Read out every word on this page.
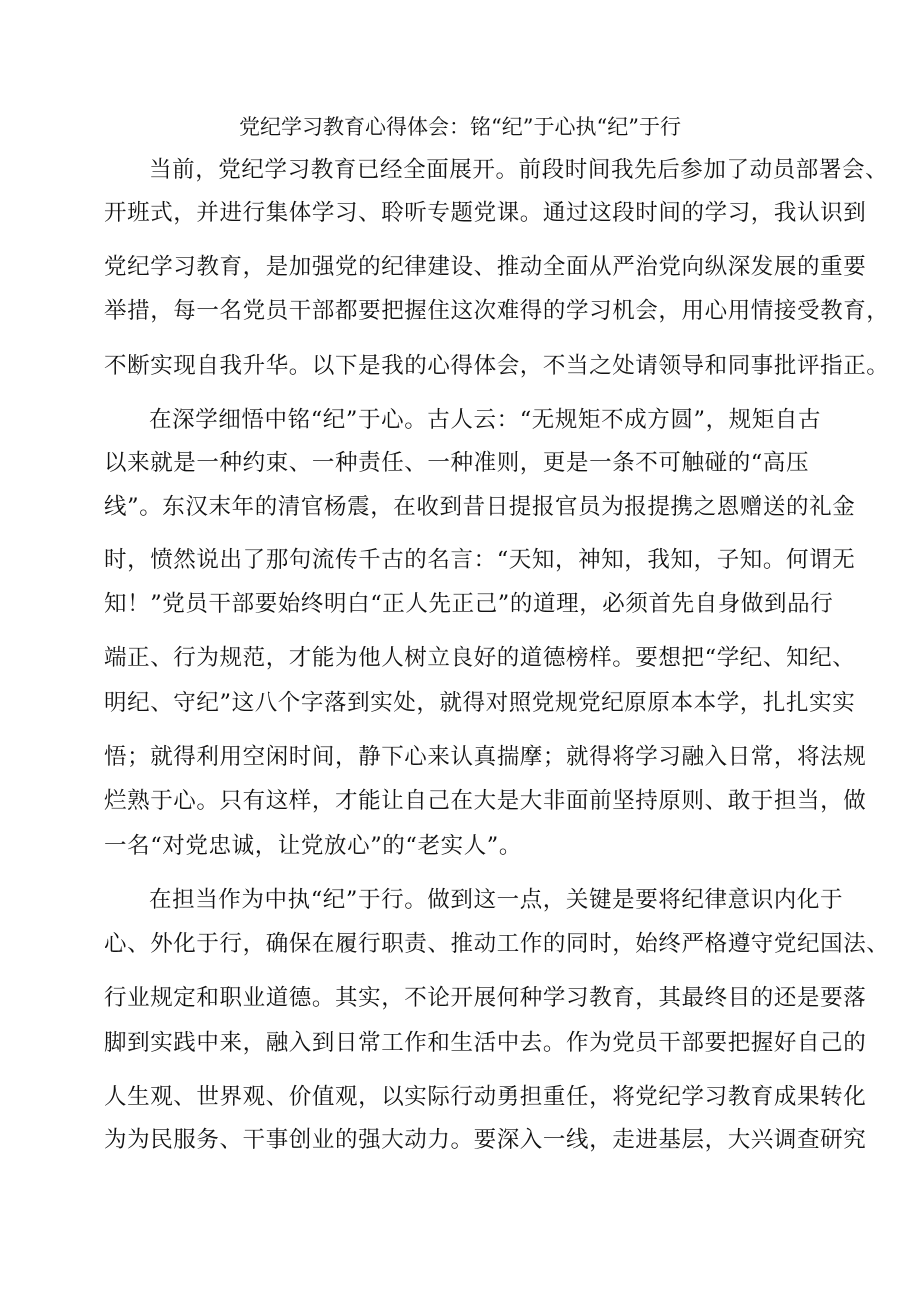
党纪学习教育心得体会：铭“纪”于心执“纪”于行
当前，党纪学习教育已经全面展开。前段时间我先后参加了动员部署会、
开班式，并进行集体学习、聆听专题党课。通过这段时间的学习，我认识到
党纪学习教育，是加强党的纪律建设、推动全面从严治党向纵深发展的重要
举措，每一名党员干部都要把握住这次难得的学习机会，用心用情接受教育，
不断实现自我升华。以下是我的心得体会，不当之处请领导和同事批评指正。
在深学细悟中铭“纪”于心。古人云：“无规矩不成方圆”，规矩自古
以来就是一种约束、一种责任、一种准则，更是一条不可触碰的“高压
线”。东汉末年的清官杨震，在收到昔日提报官员为报提携之恩赠送的礼金
时，愤然说出了那句流传千古的名言：“天知，神知，我知，子知。何谓无
知！”党员干部要始终明白“正人先正己”的道理，必须首先自身做到品行
端正、行为规范，才能为他人树立良好的道德榜样。要想把“学纪、知纪、
明纪、守纪”这八个字落到实处，就得对照党规党纪原原本本学，扎扎实实
悟；就得利用空闲时间，静下心来认真揣摩；就得将学习融入日常，将法规
烂熟于心。只有这样，才能让自己在大是大非面前坚持原则、敢于担当，做
一名“对党忠诚，让党放心”的“老实人”。
在担当作为中执“纪”于行。做到这一点，关键是要将纪律意识内化于
心、外化于行，确保在履行职责、推动工作的同时，始终严格遵守党纪国法、
行业规定和职业道德。其实，不论开展何种学习教育，其最终目的还是要落
脚到实践中来，融入到日常工作和生活中去。作为党员干部要把握好自己的
人生观、世界观、价值观，以实际行动勇担重任，将党纪学习教育成果转化
为为民服务、干事创业的强大动力。要深入一线，走进基层，大兴调查研究
